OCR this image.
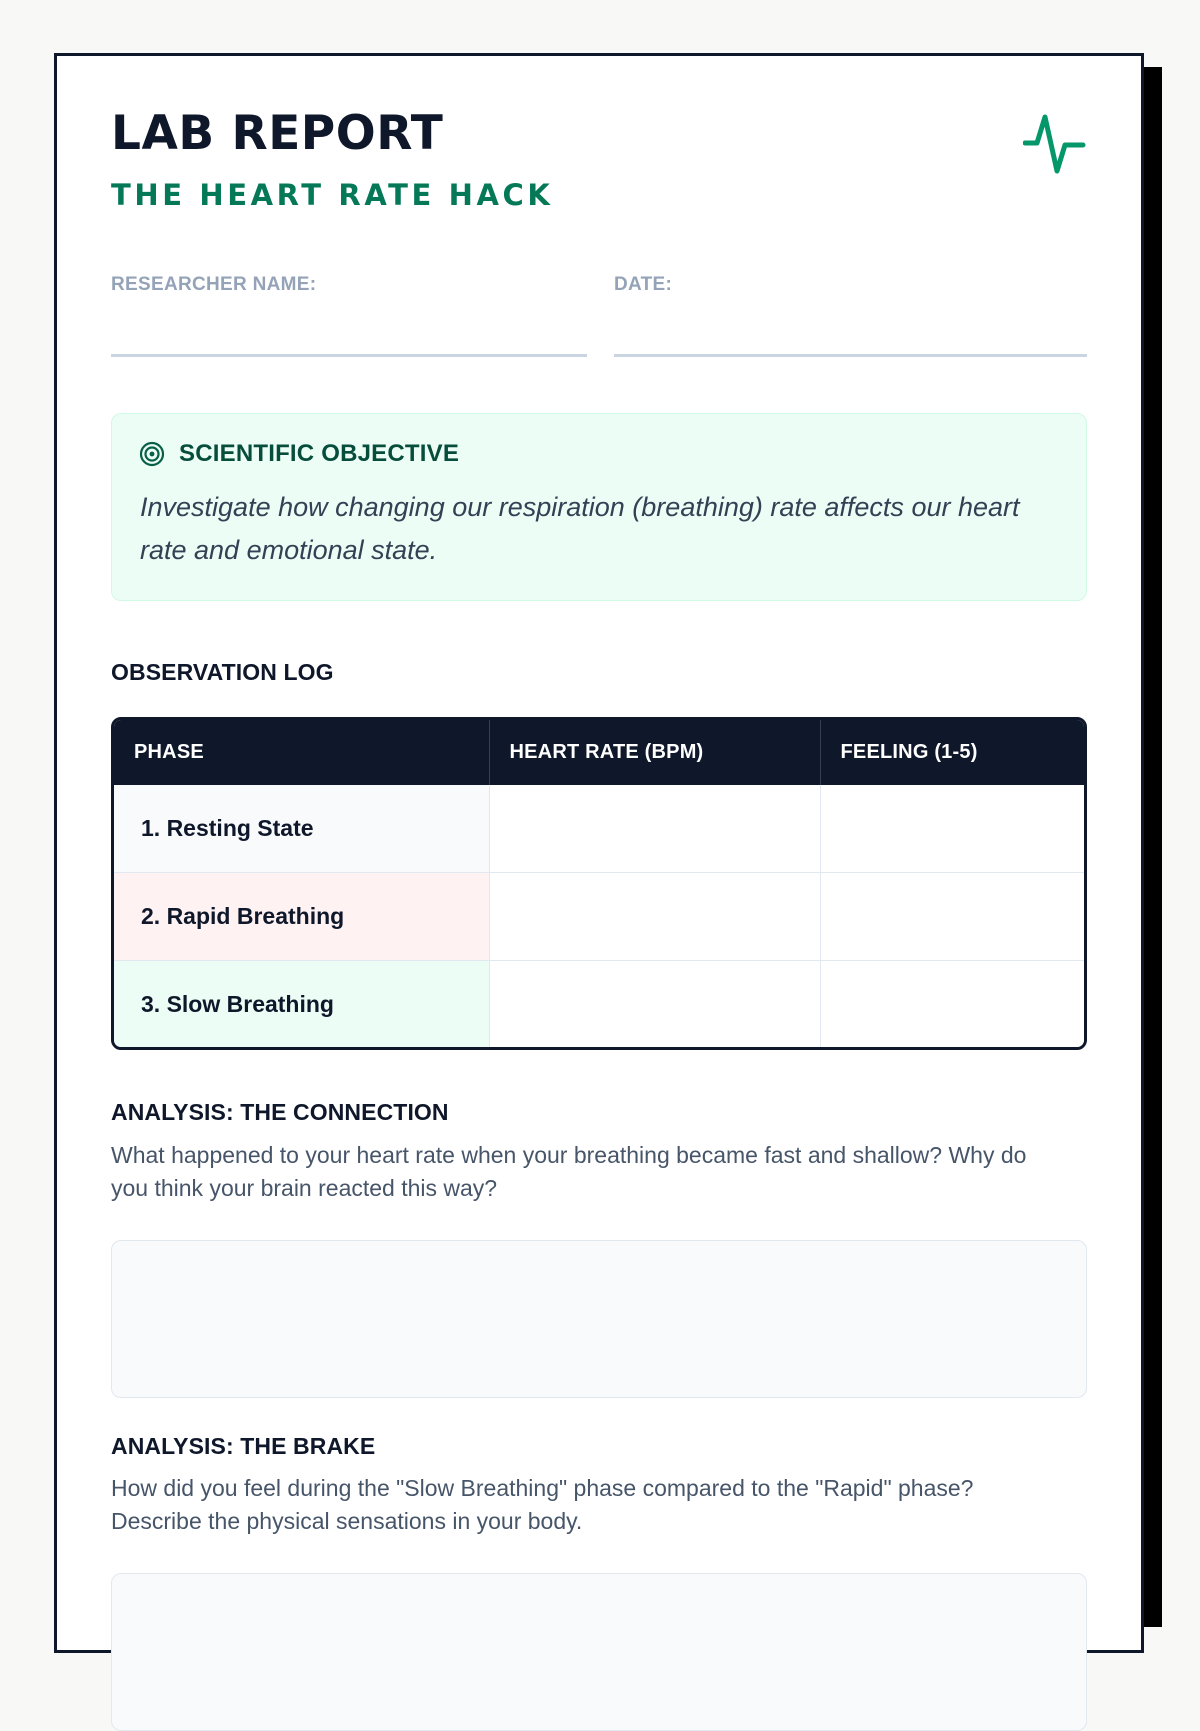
LAB REPORT
THE HEART RATE HACK
RESEARCHER NAME:	DATE:
SCIENTIFIC OBJECTIVE
Investigate how changing our respiration (breathing) rate affects our heart rate and emotional state.
OBSERVATION LOG
PHASE	HEART RATE (BPM)	FEELING (1-5)
1. Resting State		
2. Rapid Breathing		
3. Slow Breathing		
ANALYSIS: THE CONNECTION
What happened to your heart rate when your breathing became fast and shallow? Why do you think your brain reacted this way?
ANALYSIS: THE BRAKE
How did you feel during the "Slow Breathing" phase compared to the "Rapid" phase? Describe the physical sensations in your body.
